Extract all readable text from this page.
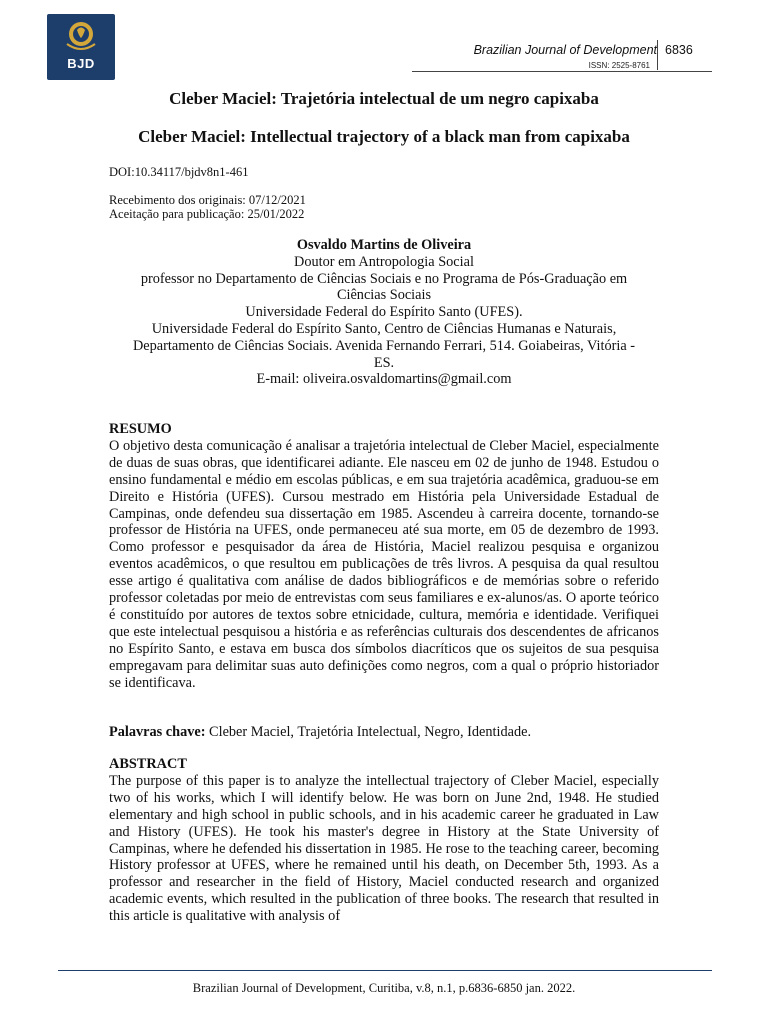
BJD
Brazilian Journal of Development 6836
ISSN: 2525-8761
Cleber Maciel: Trajetória intelectual de um negro capixaba
Cleber Maciel: Intellectual trajectory of a black man from capixaba
DOI:10.34117/bjdv8n1-461
Recebimento dos originais: 07/12/2021
Aceitação para publicação: 25/01/2022
Osvaldo Martins de Oliveira
Doutor em Antropologia Social
professor no Departamento de Ciências Sociais e no Programa de Pós-Graduação em
Ciências Sociais
Universidade Federal do Espírito Santo (UFES).
Universidade Federal do Espírito Santo, Centro de Ciências Humanas e Naturais,
Departamento de Ciências Sociais. Avenida Fernando Ferrari, 514. Goiabeiras, Vitória -
ES.
E-mail: oliveira.osvaldomartins@gmail.com
RESUMO
O objetivo desta comunicação é analisar a trajetória intelectual de Cleber Maciel, especialmente de duas de suas obras, que identificarei adiante. Ele nasceu em 02 de junho de 1948. Estudou o ensino fundamental e médio em escolas públicas, e em sua trajetória acadêmica, graduou-se em Direito e História (UFES). Cursou mestrado em História pela Universidade Estadual de Campinas, onde defendeu sua dissertação em 1985. Ascendeu à carreira docente, tornando-se professor de História na UFES, onde permaneceu até sua morte, em 05 de dezembro de 1993. Como professor e pesquisador da área de História, Maciel realizou pesquisa e organizou eventos acadêmicos, o que resultou em publicações de três livros. A pesquisa da qual resultou esse artigo é qualitativa com análise de dados bibliográficos e de memórias sobre o referido professor coletadas por meio de entrevistas com seus familiares e ex-alunos/as. O aporte teórico é constituído por autores de textos sobre etnicidade, cultura, memória e identidade. Verifiquei que este intelectual pesquisou a história e as referências culturais dos descendentes de africanos no Espírito Santo, e estava em busca dos símbolos diacríticos que os sujeitos de sua pesquisa empregavam para delimitar suas auto definições como negros, com a qual o próprio historiador se identificava.
Palavras chave: Cleber Maciel, Trajetória Intelectual, Negro, Identidade.
ABSTRACT
The purpose of this paper is to analyze the intellectual trajectory of Cleber Maciel, especially two of his works, which I will identify below. He was born on June 2nd, 1948. He studied elementary and high school in public schools, and in his academic career he graduated in Law and History (UFES). He took his master's degree in History at the State University of Campinas, where he defended his dissertation in 1985. He rose to the teaching career, becoming History professor at UFES, where he remained until his death, on December 5th, 1993. As a professor and researcher in the field of History, Maciel conducted research and organized academic events, which resulted in the publication of three books. The research that resulted in this article is qualitative with analysis of
Brazilian Journal of Development, Curitiba, v.8, n.1, p.6836-6850 jan. 2022.
